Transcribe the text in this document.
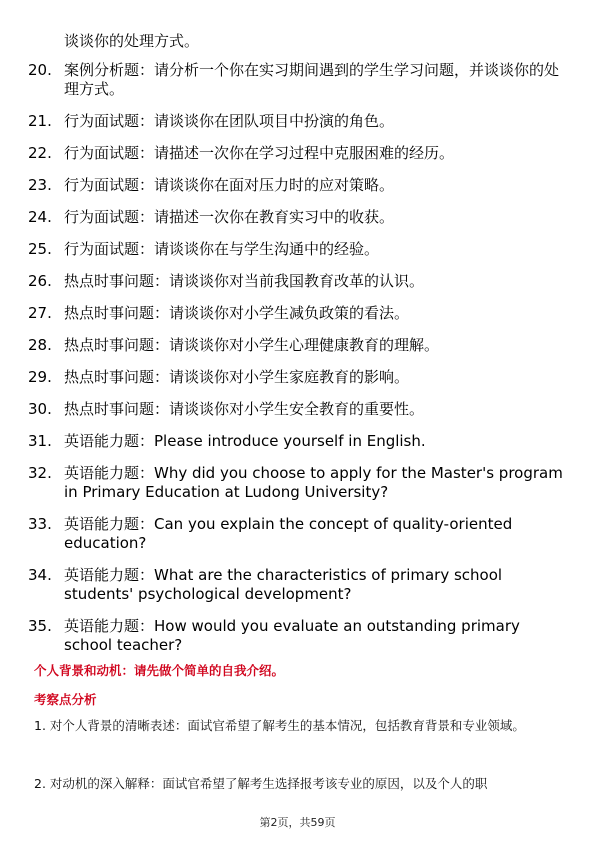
谈谈你的处理方式。
20. 案例分析题：请分析一个你在实习期间遇到的学生学习问题，并谈谈你的处理方式。
21. 行为面试题：请谈谈你在团队项目中扮演的角色。
22. 行为面试题：请描述一次你在学习过程中克服困难的经历。
23. 行为面试题：请谈谈你在面对压力时的应对策略。
24. 行为面试题：请描述一次你在教育实习中的收获。
25. 行为面试题：请谈谈你在与学生沟通中的经验。
26. 热点时事问题：请谈谈你对当前我国教育改革的认识。
27. 热点时事问题：请谈谈你对小学生减负政策的看法。
28. 热点时事问题：请谈谈你对小学生心理健康教育的理解。
29. 热点时事问题：请谈谈你对小学生家庭教育的影响。
30. 热点时事问题：请谈谈你对小学生安全教育的重要性。
31. 英语能力题：Please introduce yourself in English.
32. 英语能力题：Why did you choose to apply for the Master's program in Primary Education at Ludong University?
33. 英语能力题：Can you explain the concept of quality-oriented education?
34. 英语能力题：What are the characteristics of primary school students' psychological development?
35. 英语能力题：How would you evaluate an outstanding primary school teacher?
个人背景和动机：请先做个简单的自我介绍。
考察点分析
1. 对个人背景的清晰表述：面试官希望了解考生的基本情况，包括教育背景和专业领域。
2. 对动机的深入解释：面试官希望了解考生选择报考该专业的原因，以及个人的职
第2页，共59页
